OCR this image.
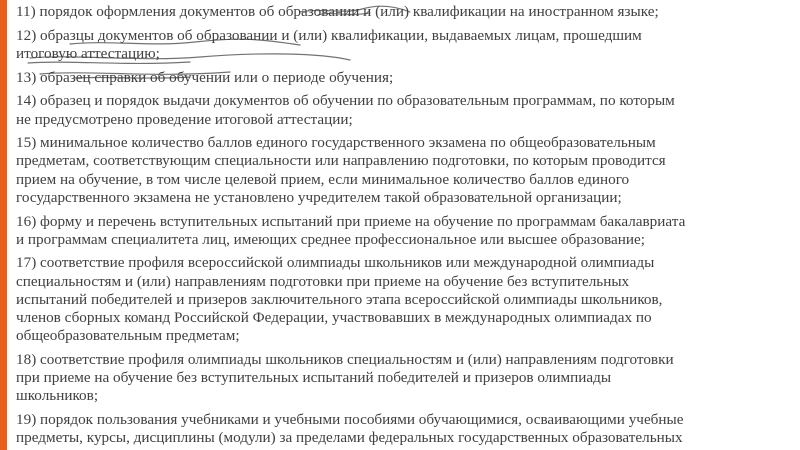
11) порядок оформления документов об образовании и (или) квалификации на иностранном языке;

12) образцы документов об образовании и (или) квалификации, выдаваемых лицам, прошедшим
итоговую аттестацию;

13) образец справки об обучении или о периоде обучения;

14) образец и порядок выдачи документов об обучении по образовательным программам, по которым
не предусмотрено проведение итоговой аттестации;

15) минимальное количество баллов единого государственного экзамена по общеобразовательным
предметам, соответствующим специальности или направлению подготовки, по которым проводится
прием на обучение, в том числе целевой прием, если минимальное количество баллов единого
государственного экзамена не установлено учредителем такой образовательной организации;

16) форму и перечень вступительных испытаний при приеме на обучение по программам бакалавриата
и программам специалитета лиц, имеющих среднее профессиональное или высшее образование;

17) соответствие профиля всероссийской олимпиады школьников или международной олимпиады
специальностям и (или) направлениям подготовки при приеме на обучение без вступительных
испытаний победителей и призеров заключительного этапа всероссийской олимпиады школьников,
членов сборных команд Российской Федерации, участвовавших в международных олимпиадах по
общеобразовательным предметам;

18) соответствие профиля олимпиады школьников специальностям и (или) направлениям подготовки
при приеме на обучение без вступительных испытаний победителей и призеров олимпиады
школьников;

19) порядок пользования учебниками и учебными пособиями обучающимися, осваивающими учебные
предметы, курсы, дисциплины (модули) за пределами федеральных государственных образовательных
